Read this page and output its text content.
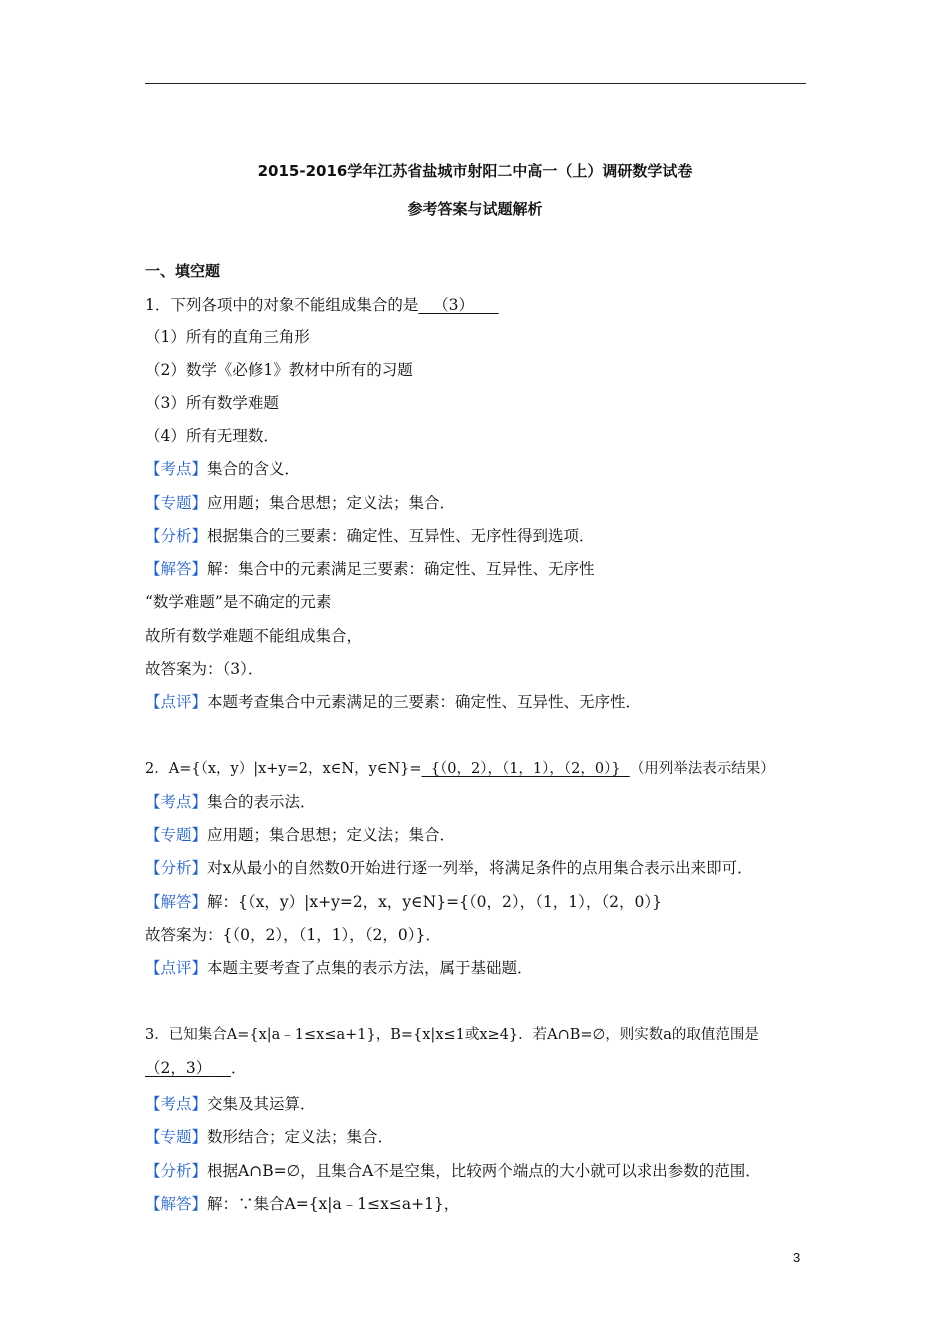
2015-2016学年江苏省盐城市射阳二中高一（上）调研数学试卷
参考答案与试题解析
一、填空题
1．下列各项中的对象不能组成集合的是 （3）
（1）所有的直角三角形
（2）数学《必修1》教材中所有的习题
（3）所有数学难题
（4）所有无理数．
【考点】集合的含义．
【专题】应用题；集合思想；定义法；集合．
【分析】根据集合的三要素：确定性、互异性、无序性得到选项．
【解答】解：集合中的元素满足三要素：确定性、互异性、无序性
“数学难题”是不确定的元素
故所有数学难题不能组成集合，
故答案为：（3）．
【点评】本题考查集合中元素满足的三要素：确定性、互异性、无序性．
2．A={（x，y）|x+y=2，x∈N，y∈N}= {（0，2），（1，1），（2，0）} （用列举法表示结果）
【考点】集合的表示法．
【专题】应用题；集合思想；定义法；集合．
【分析】对x从最小的自然数0开始进行逐一列举，将满足条件的点用集合表示出来即可．
【解答】解：{（x，y）|x+y=2，x，y∈N}={（0，2），（1，1），（2，0）}
故答案为：{（0，2），（1，1），（2，0）}．
【点评】本题主要考查了点集的表示方法，属于基础题．
3．已知集合A={x|a﹣1≤x≤a+1}，B={x|x≤1或x≥4}．若A∩B=∅，则实数a的取值范围是
（2，3） ．
【考点】交集及其运算．
【专题】数形结合；定义法；集合．
【分析】根据A∩B=∅，且集合A不是空集，比较两个端点的大小就可以求出参数的范围．
【解答】解：∵集合A={x|a﹣1≤x≤a+1}，
3
